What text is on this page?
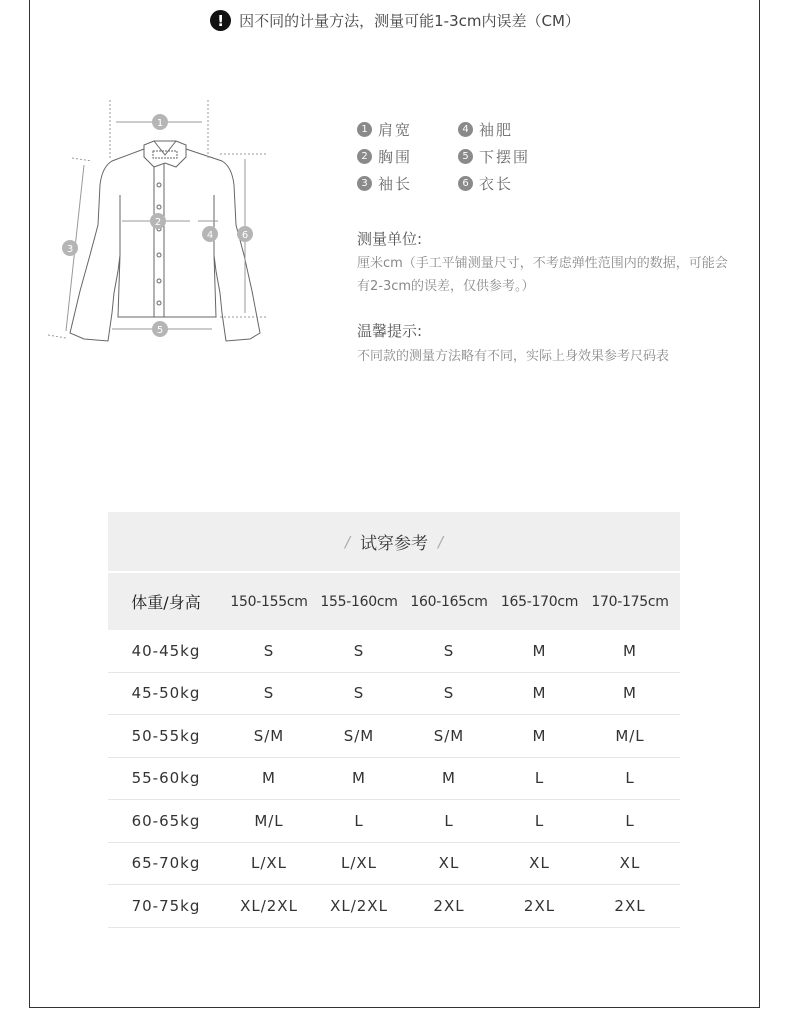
!	因不同的计量方法，测量可能1-3cm内误差（CM）
1
2
3
4
5
6
1 肩宽	4 袖肥
2 胸围	5 下摆围
3 袖长	6 衣长
测量单位:
厘米cm（手工平铺测量尺寸，不考虑弹性范围内的数据，可能会有2-3cm的误差，仅供参考。）
温馨提示:
不同款的测量方法略有不同，实际上身效果参考尺码表
/ 试穿参考 /
体重/身高	150-155cm 155-160cm 160-165cm 165-170cm 170-175cm
40-45kg	S	S	S	M	M
45-50kg	S	S	S	M	M
50-55kg	S/M	S/M	S/M	M	M/L
55-60kg	M	M	M	L	L
60-65kg	M/L	L	L	L	L
65-70kg	L/XL	L/XL	XL	XL	XL
70-75kg	XL/2XL	XL/2XL	2XL	2XL	2XL
